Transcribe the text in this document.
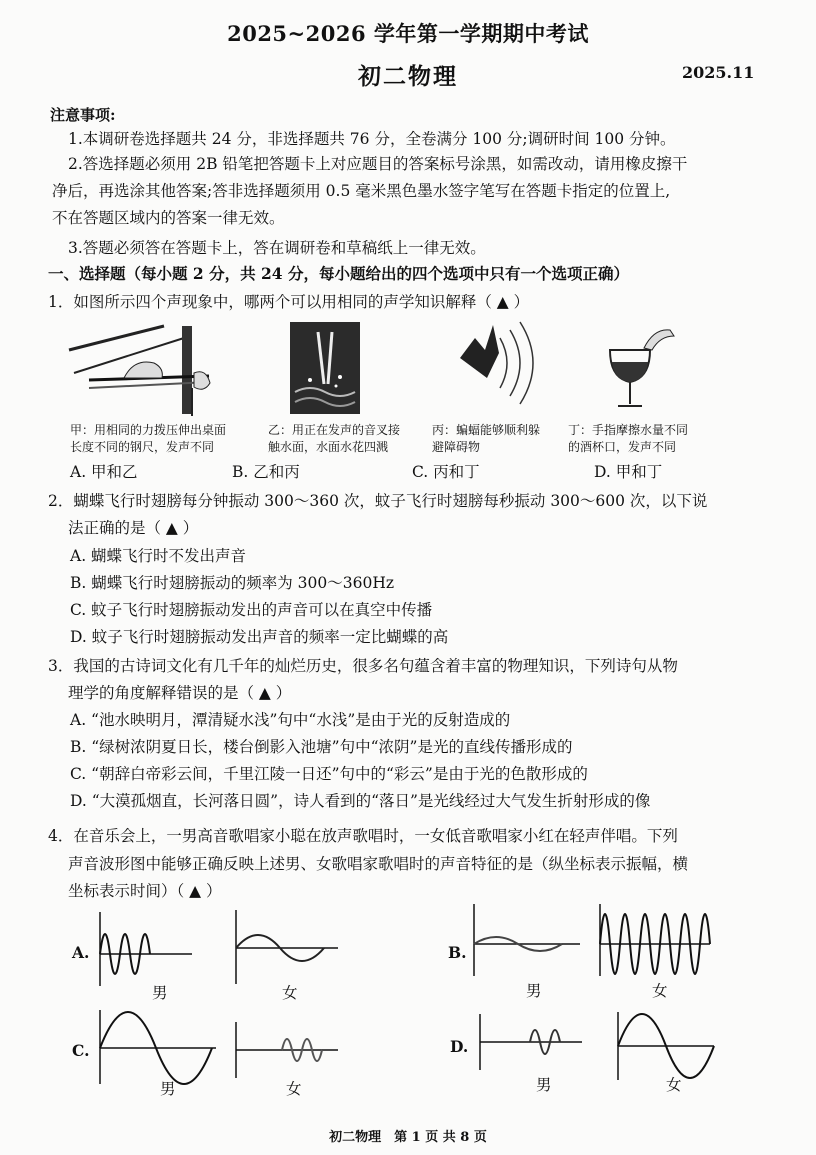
2025~2026 学年第一学期期中考试
初二物理	2025.11
注意事项:
1.本调研卷选择题共 24 分，非选择题共 76 分，全卷满分 100 分;调研时间 100 分钟。
2.答选择题必须用 2B 铅笔把答题卡上对应题目的答案标号涂黑，如需改动，请用橡皮擦干
净后，再选涂其他答案;答非选择题须用 0.5 毫米黑色墨水签字笔写在答题卡指定的位置上,
不在答题区域内的答案一律无效。
3.答题必须答在答题卡上，答在调研卷和草稿纸上一律无效。
一、选择题（每小题 2 分，共 24 分，每小题给出的四个选项中只有一个选项正确）
1．如图所示四个声现象中，哪两个可以用相同的声学知识解释（ ▲ ）
甲：用相同的力拨压伸出桌面
长度不同的钢尺，发声不同
乙：用正在发声的音叉接
触水面，水面水花四溅
丙：蝙蝠能够顺利躲
避障碍物
丁：手指摩擦水量不同
的酒杯口，发声不同
A. 甲和乙	B. 乙和丙	C. 丙和丁	D. 甲和丁
2．蝴蝶飞行时翅膀每分钟振动 300～360 次，蚊子飞行时翅膀每秒振动 300～600 次，以下说
法正确的是（ ▲ ）
A. 蝴蝶飞行时不发出声音
B. 蝴蝶飞行时翅膀振动的频率为 300～360Hz
C. 蚊子飞行时翅膀振动发出的声音可以在真空中传播
D. 蚊子飞行时翅膀振动发出声音的频率一定比蝴蝶的高
3．我国的古诗词文化有几千年的灿烂历史，很多名句蕴含着丰富的物理知识，下列诗句从物
理学的角度解释错误的是（ ▲ ）
A. “池水映明月，潭清疑水浅”句中“水浅”是由于光的反射造成的
B. “绿树浓阴夏日长，楼台倒影入池塘”句中“浓阴”是光的直线传播形成的
C. “朝辞白帝彩云间，千里江陵一日还”句中的“彩云”是由于光的色散形成的
D. “大漠孤烟直，长河落日圆”，诗人看到的“落日”是光线经过大气发生折射形成的像
4．在音乐会上，一男高音歌唱家小聪在放声歌唱时，一女低音歌唱家小红在轻声伴唱。下列
声音波形图中能够正确反映上述男、女歌唱家歌唱时的声音特征的是（纵坐标表示振幅，横
坐标表示时间）（ ▲ ）
A.
男	女
B.
男	女
C.
男	女
D.
男	女
初二物理　第 1 页 共 8 页
